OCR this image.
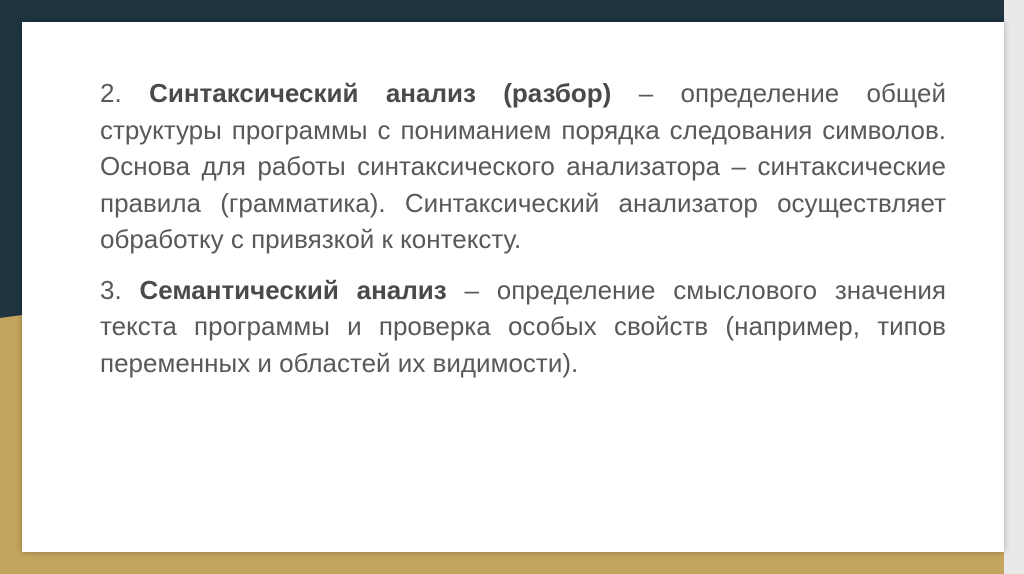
2. Синтаксический анализ (разбор) – определение общей структуры программы с пониманием порядка следования символов. Основа для работы синтаксического анализатора – синтаксические правила (грамматика). Синтаксический анализатор осуществляет обработку с привязкой к контексту.

3. Семантический анализ – определение смыслового значения текста программы и проверка особых свойств (например, типов переменных и областей их видимости).
